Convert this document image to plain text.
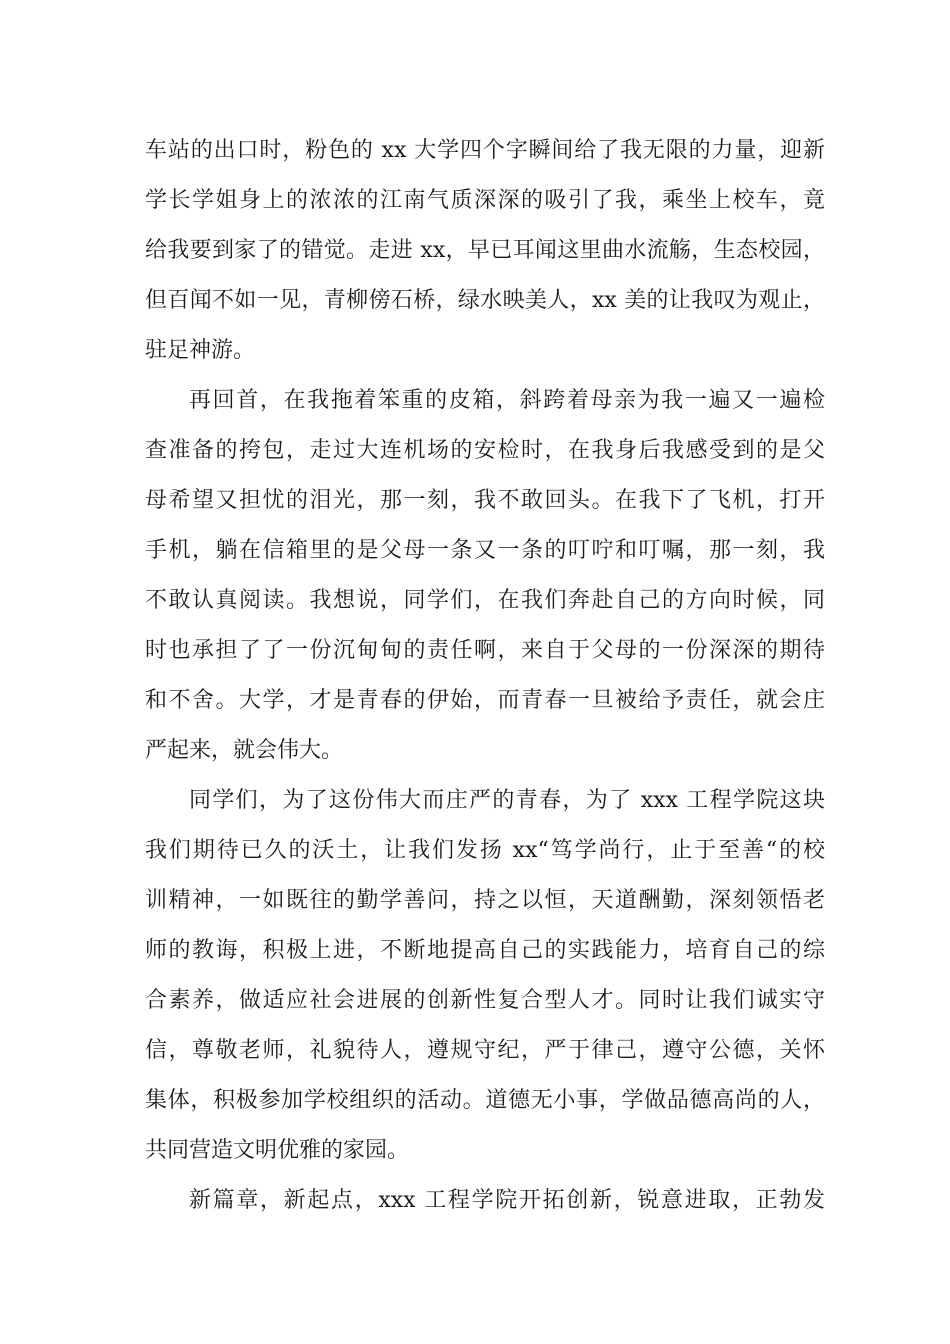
车站的出口时，粉色的 xx 大学四个字瞬间给了我无限的力量，迎新
学长学姐身上的浓浓的江南气质深深的吸引了我，乘坐上校车，竟
给我要到家了的错觉。走进 xx，早已耳闻这里曲水流觞，生态校园，
但百闻不如一见，青柳傍石桥，绿水映美人，xx 美的让我叹为观止，
驻足神游。
再回首，在我拖着笨重的皮箱，斜跨着母亲为我一遍又一遍检
查准备的挎包，走过大连机场的安检时，在我身后我感受到的是父
母希望又担忧的泪光，那一刻，我不敢回头。在我下了飞机，打开
手机，躺在信箱里的是父母一条又一条的叮咛和叮嘱，那一刻，我
不敢认真阅读。我想说，同学们，在我们奔赴自己的方向时候，同
时也承担了了一份沉甸甸的责任啊，来自于父母的一份深深的期待
和不舍。大学，才是青春的伊始，而青春一旦被给予责任，就会庄
严起来，就会伟大。
同学们，为了这份伟大而庄严的青春，为了 xxx 工程学院这块
我们期待已久的沃土，让我们发扬 xx“笃学尚行，止于至善“的校
训精神，一如既往的勤学善问，持之以恒，天道酬勤，深刻领悟老
师的教诲，积极上进，不断地提高自己的实践能力，培育自己的综
合素养，做适应社会进展的创新性复合型人才。同时让我们诚实守
信，尊敬老师，礼貌待人，遵规守纪，严于律己，遵守公德，关怀
集体，积极参加学校组织的活动。道德无小事，学做品德高尚的人，
共同营造文明优雅的家园。
新篇章，新起点，xxx 工程学院开拓创新，锐意进取，正勃发
